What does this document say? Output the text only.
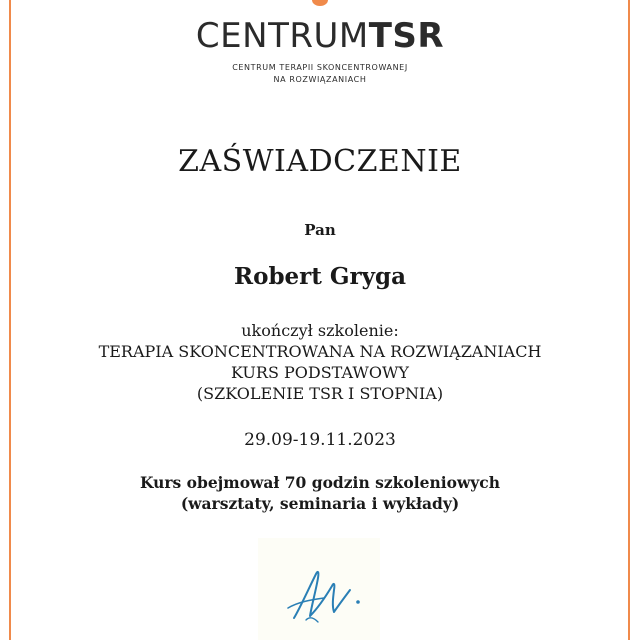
CENTRUMTSR
CENTRUM TERAPII SKONCENTROWANEJ
NA ROZWIĄZANIACH
ZAŚWIADCZENIE
Pan
Robert Gryga
ukończył szkolenie:
TERAPIA SKONCENTROWANA NA ROZWIĄZANIACH
KURS PODSTAWOWY
(SZKOLENIE TSR I STOPNIA)
29.09-19.11.2023
Kurs obejmował 70 godzin szkoleniowych
(warsztaty, seminaria i wykłady)
